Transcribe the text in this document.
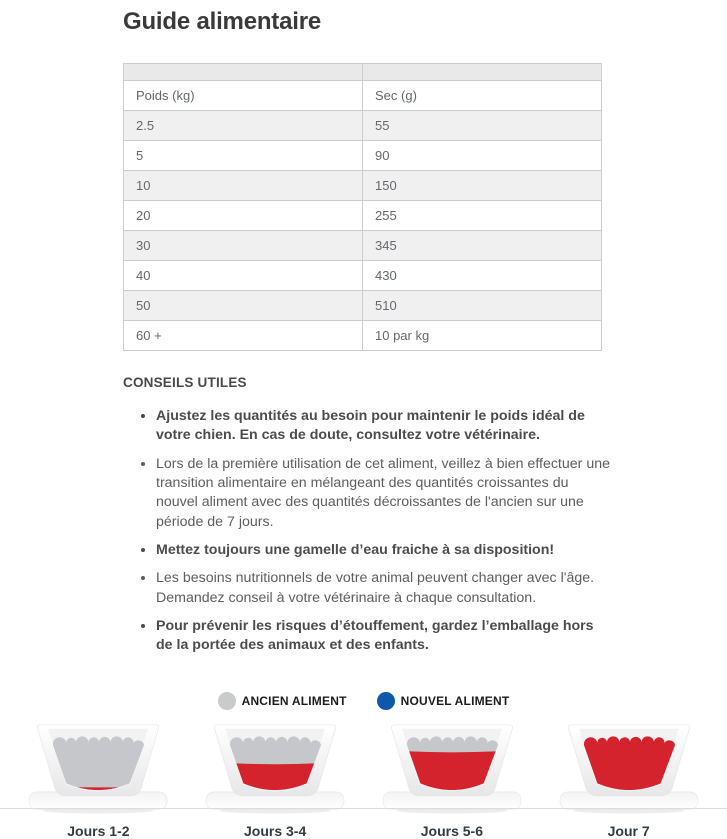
Guide alimentaire

Poids (kg)	Sec (g)
2.5	55
5	90
10	150
20	255
30	345
40	430
50	510
60 +	10 par kg
CONSEILS UTILES
• Ajustez les quantités au besoin pour maintenir le poids idéal de votre chien. En cas de doute, consultez votre vétérinaire.
• Lors de la première utilisation de cet aliment, veillez à bien effectuer une transition alimentaire en mélangeant des quantités croissantes du nouvel aliment avec des quantités décroissantes de l'ancien sur une période de 7 jours.
• Mettez toujours une gamelle d’eau fraiche à sa disposition!
• Les besoins nutritionnels de votre animal peuvent changer avec l'âge. Demandez conseil à votre vétérinaire à chaque consultation.
• Pour prévenir les risques d’étouffement, gardez l’emballage hors de la portée des animaux et des enfants.
ANCIEN ALIMENT	NOUVEL ALIMENT
Jours 1-2	Jours 3-4	Jours 5-6	Jour 7
